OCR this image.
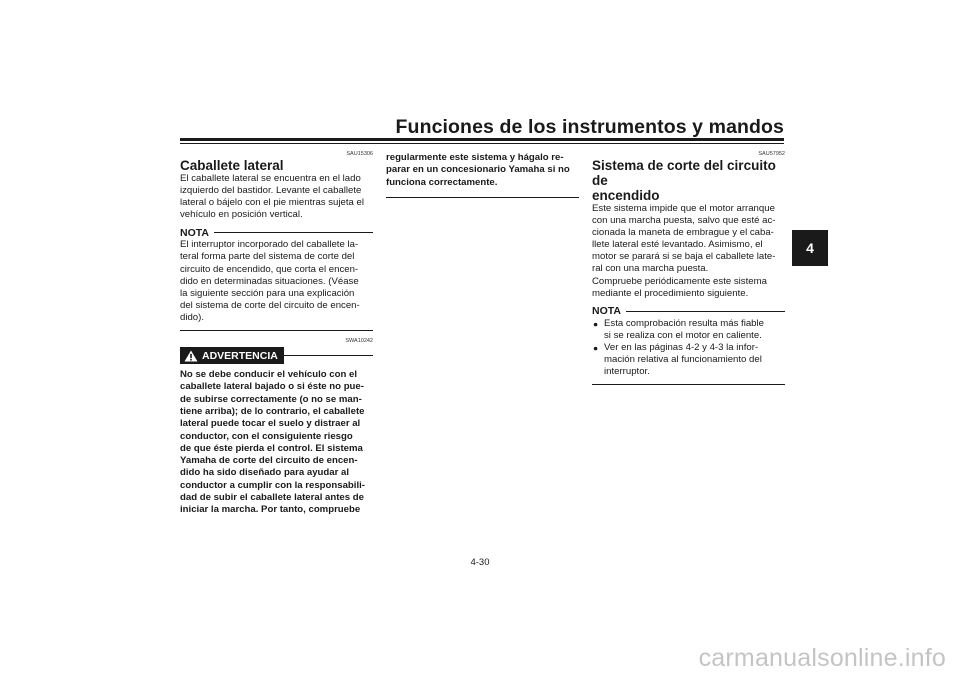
Funciones de los instrumentos y mandos
4
SAU15306
Caballete lateral

El caballete lateral se encuentra en el lado

izquierdo del bastidor. Levante el caballete

lateral o bájelo con el pie mientras sujeta el

vehículo en posición vertical.

NOTA

El interruptor incorporado del caballete la-

teral forma parte del sistema de corte del

circuito de encendido, que corta el encen-

dido en determinadas situaciones. (Véase

la siguiente sección para una explicación

del sistema de corte del circuito de encen-

dido).

SWA10242
ADVERTENCIA

No se debe conducir el vehículo con el

caballete lateral bajado o si éste no pue-

de subirse correctamente (o no se man-

tiene arriba); de lo contrario, el caballete

lateral puede tocar el suelo y distraer al

conductor, con el consiguiente riesgo

de que éste pierda el control. El sistema

Yamaha de corte del circuito de encen-

dido ha sido diseñado para ayudar al

conductor a cumplir con la responsabili-

dad de subir el caballete lateral antes de

iniciar la marcha. Por tanto, compruebe

regularmente este sistema y hágalo re-

parar en un concesionario Yamaha si no

funciona correctamente.

SAU57952
Sistema de corte del circuito de
encendido

Este sistema impide que el motor arranque

con una marcha puesta, salvo que esté ac-

cionada la maneta de embrague y el caba-

llete lateral esté levantado. Asimismo, el

motor se parará si se baja el caballete late-

ral con una marcha puesta.

Compruebe periódicamente este sistema

mediante el procedimiento siguiente.

NOTA
● Esta comprobación resulta más fiable
si se realiza con el motor en caliente.
● Ver en las páginas 4-2 y 4-3 la infor-
mación relativa al funcionamiento del
interruptor.
4-30
carmanualsonline.info
